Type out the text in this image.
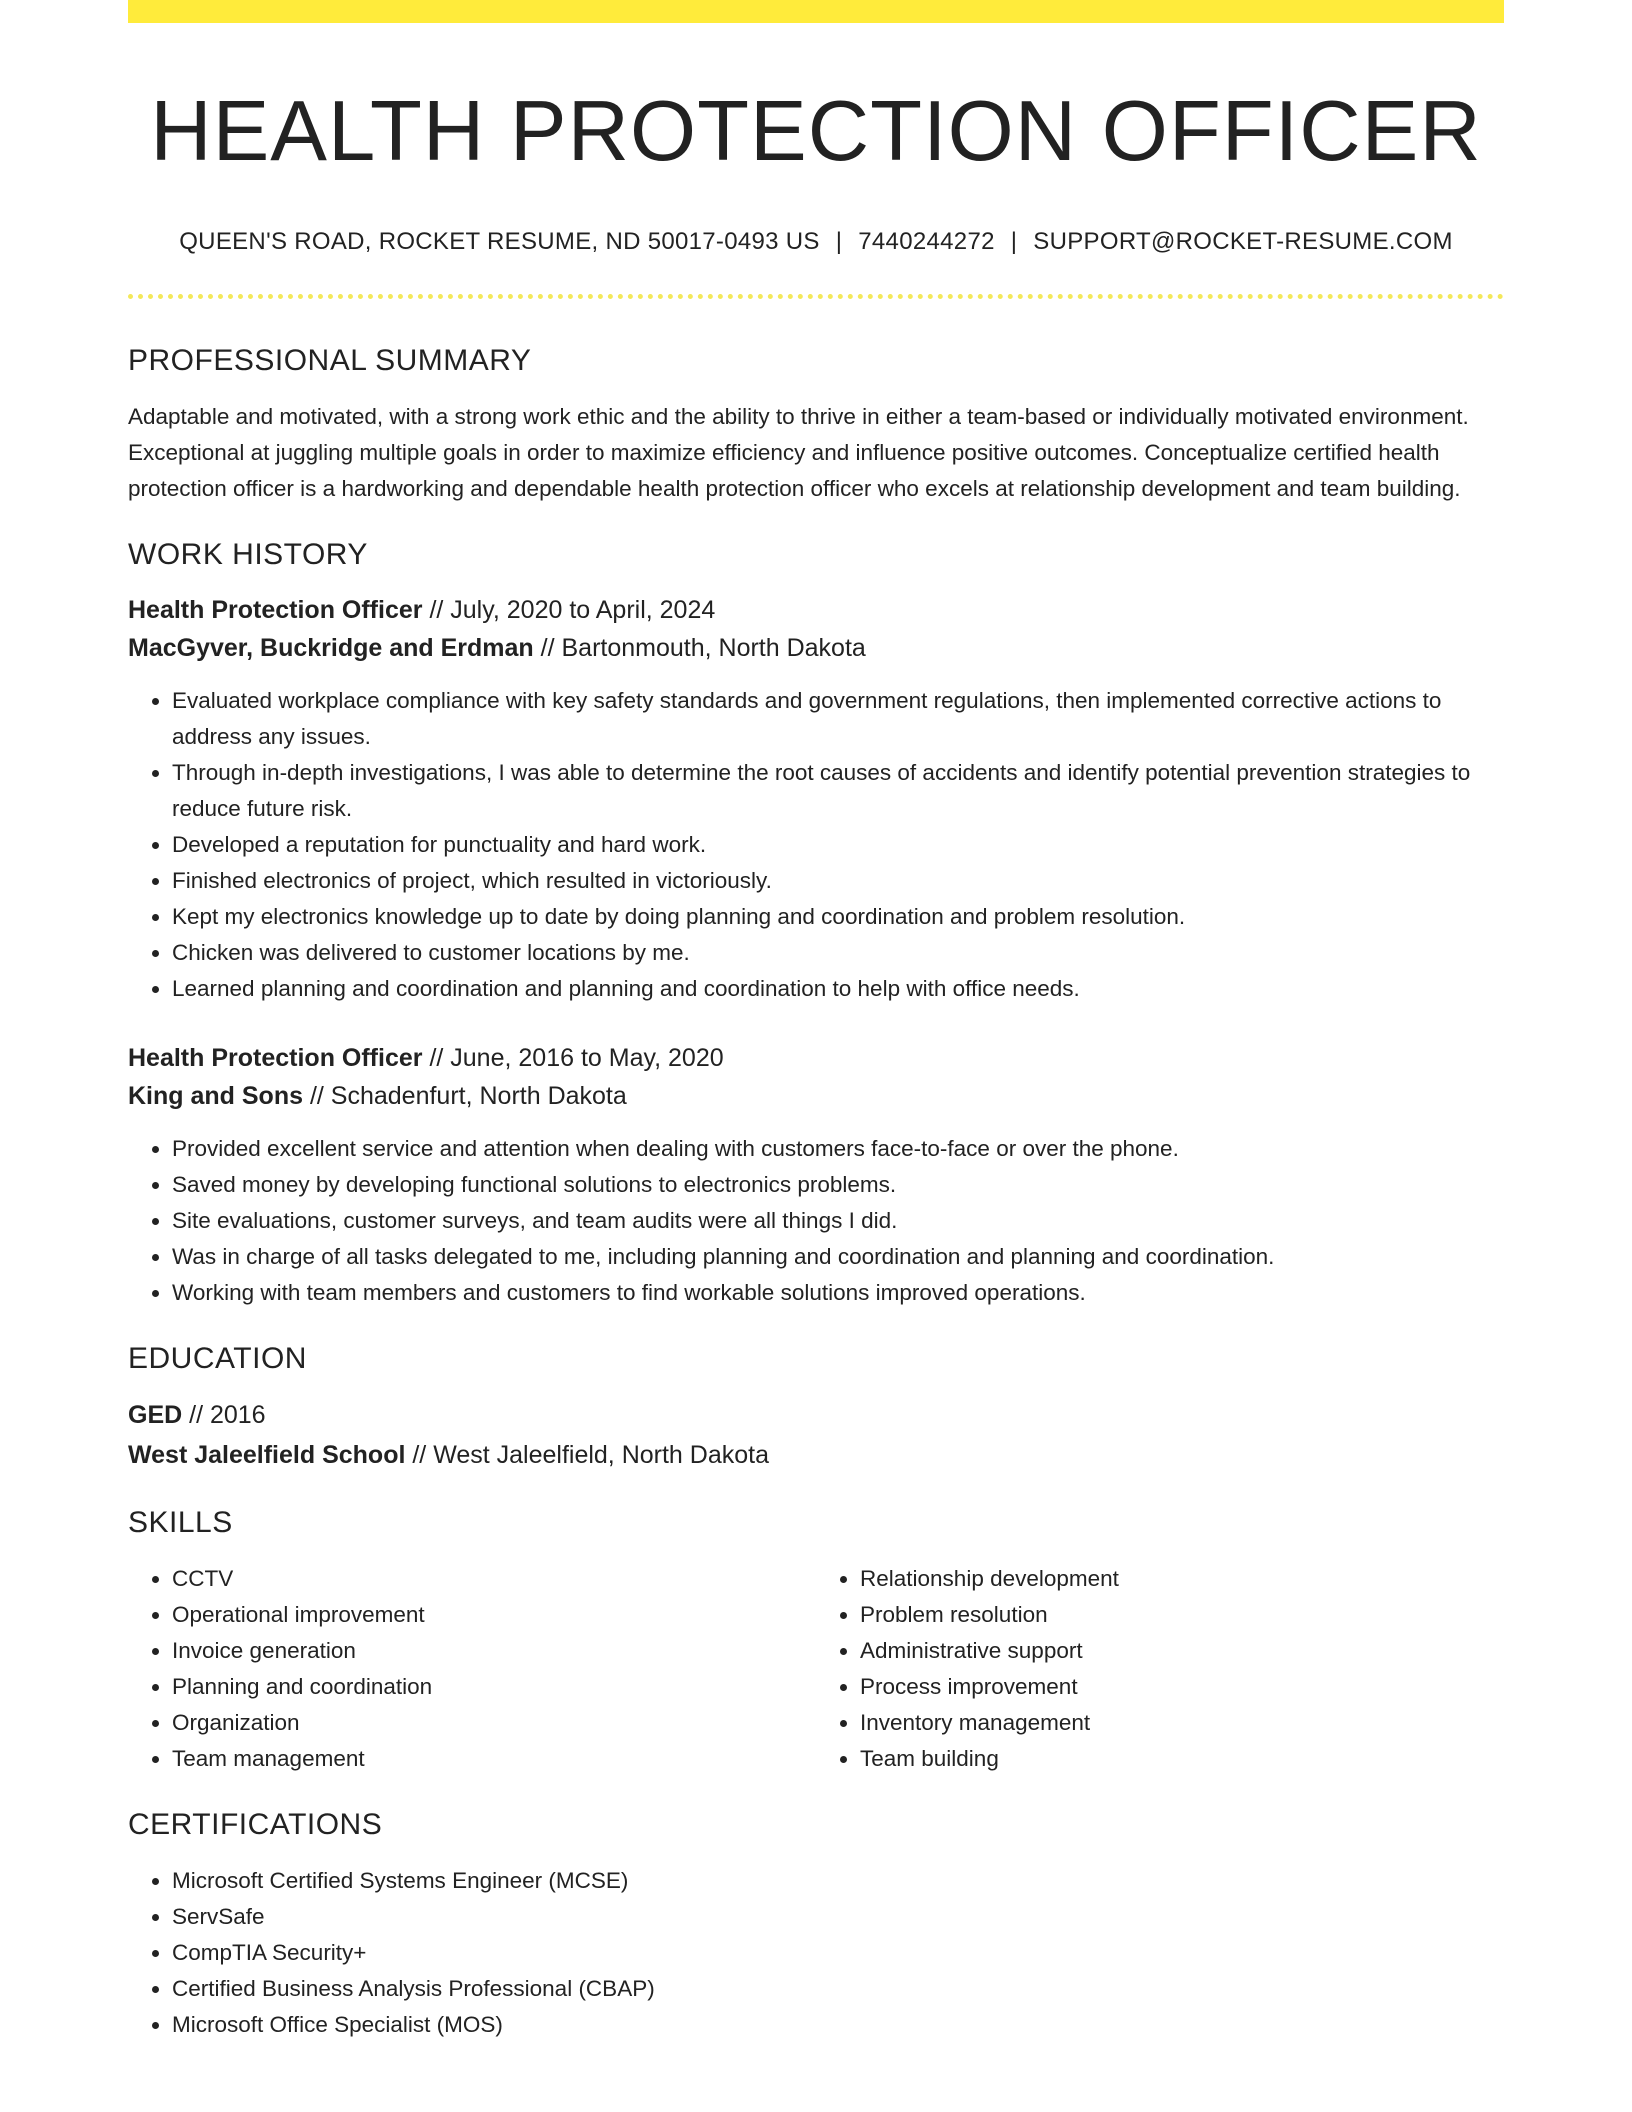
HEALTH PROTECTION OFFICER
QUEEN'S ROAD, ROCKET RESUME, ND 50017-0493 US | 7440244272 | SUPPORT@ROCKET-RESUME.COM
PROFESSIONAL SUMMARY

Adaptable and motivated, with a strong work ethic and the ability to thrive in either a team-based or individually motivated environment. Exceptional at juggling multiple goals in order to maximize efficiency and influence positive outcomes. Conceptualize certified health protection officer is a hardworking and dependable health protection officer who excels at relationship development and team building.

WORK HISTORY

Health Protection Officer // July, 2020 to April, 2024

MacGyver, Buckridge and Erdman // Bartonmouth, North Dakota

• Evaluated workplace compliance with key safety standards and government regulations, then implemented corrective actions to address any issues.
• Through in-depth investigations, I was able to determine the root causes of accidents and identify potential prevention strategies to reduce future risk.
• Developed a reputation for punctuality and hard work.
• Finished electronics of project, which resulted in victoriously.
• Kept my electronics knowledge up to date by doing planning and coordination and problem resolution.
• Chicken was delivered to customer locations by me.
• Learned planning and coordination and planning and coordination to help with office needs.

Health Protection Officer // June, 2016 to May, 2020

King and Sons // Schadenfurt, North Dakota

• Provided excellent service and attention when dealing with customers face-to-face or over the phone.
• Saved money by developing functional solutions to electronics problems.
• Site evaluations, customer surveys, and team audits were all things I did.
• Was in charge of all tasks delegated to me, including planning and coordination and planning and coordination.
• Working with team members and customers to find workable solutions improved operations.
EDUCATION

GED // 2016

West Jaleelfield School // West Jaleelfield, North Dakota

SKILLS
• CCTV
• Operational improvement
• Invoice generation
• Planning and coordination
• Organization
• Team management
• Relationship development
• Problem resolution
• Administrative support
• Process improvement
• Inventory management
• Team building
CERTIFICATIONS
• Microsoft Certified Systems Engineer (MCSE)
• ServSafe
• CompTIA Security+
• Certified Business Analysis Professional (CBAP)
• Microsoft Office Specialist (MOS)
